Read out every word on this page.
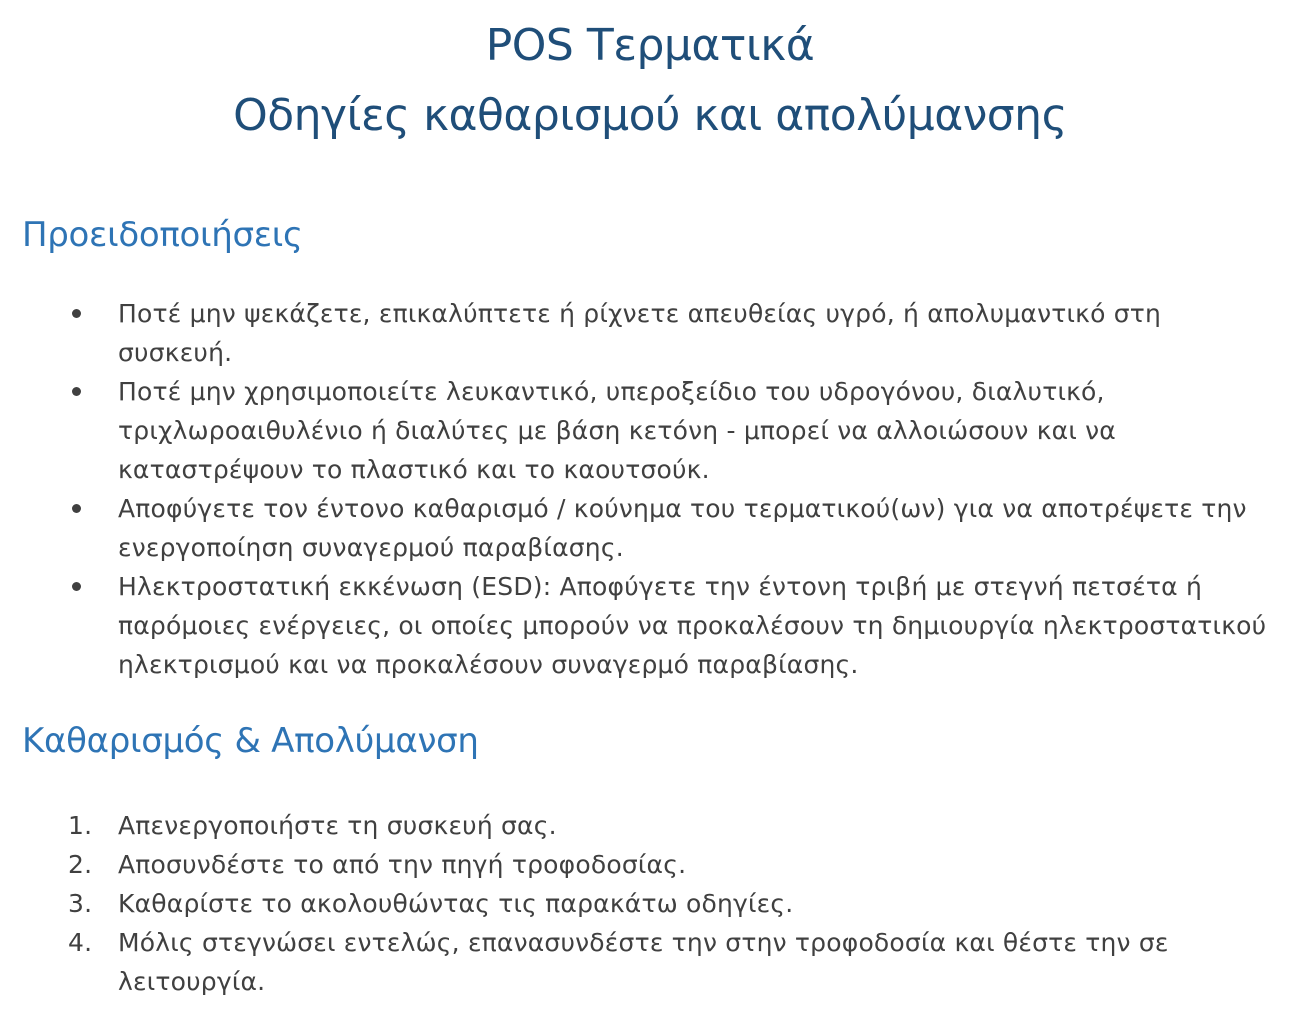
POS Τερματικά
Οδηγίες καθαρισμού και απολύμανσης
Προειδοποιήσεις
Ποτέ μην ψεκάζετε, επικαλύπτετε ή ρίχνετε απευθείας υγρό, ή απολυμαντικό στη συσκευή.
Ποτέ μην χρησιμοποιείτε λευκαντικό, υπεροξείδιο του υδρογόνου, διαλυτικό, τριχλωροαιθυλένιο ή διαλύτες με βάση κετόνη - μπορεί να αλλοιώσουν και να καταστρέψουν το πλαστικό και το καουτσούκ.
Αποφύγετε τον έντονο καθαρισμό / κούνημα του τερματικού(ων) για να αποτρέψετε την ενεργοποίηση συναγερμού παραβίασης.
Ηλεκτροστατική εκκένωση (ESD): Αποφύγετε την έντονη τριβή με στεγνή πετσέτα ή παρόμοιες ενέργειες, οι οποίες μπορούν να προκαλέσουν τη δημιουργία ηλεκτροστατικού ηλεκτρισμού και να προκαλέσουν συναγερμό παραβίασης.
Καθαρισμός & Απολύμανση
1. Απενεργοποιήστε τη συσκευή σας.
2. Αποσυνδέστε το από την πηγή τροφοδοσίας.
3. Καθαρίστε το ακολουθώντας τις παρακάτω οδηγίες.
4. Μόλις στεγνώσει εντελώς, επανασυνδέστε την στην τροφοδοσία και θέστε την σε λειτουργία.
